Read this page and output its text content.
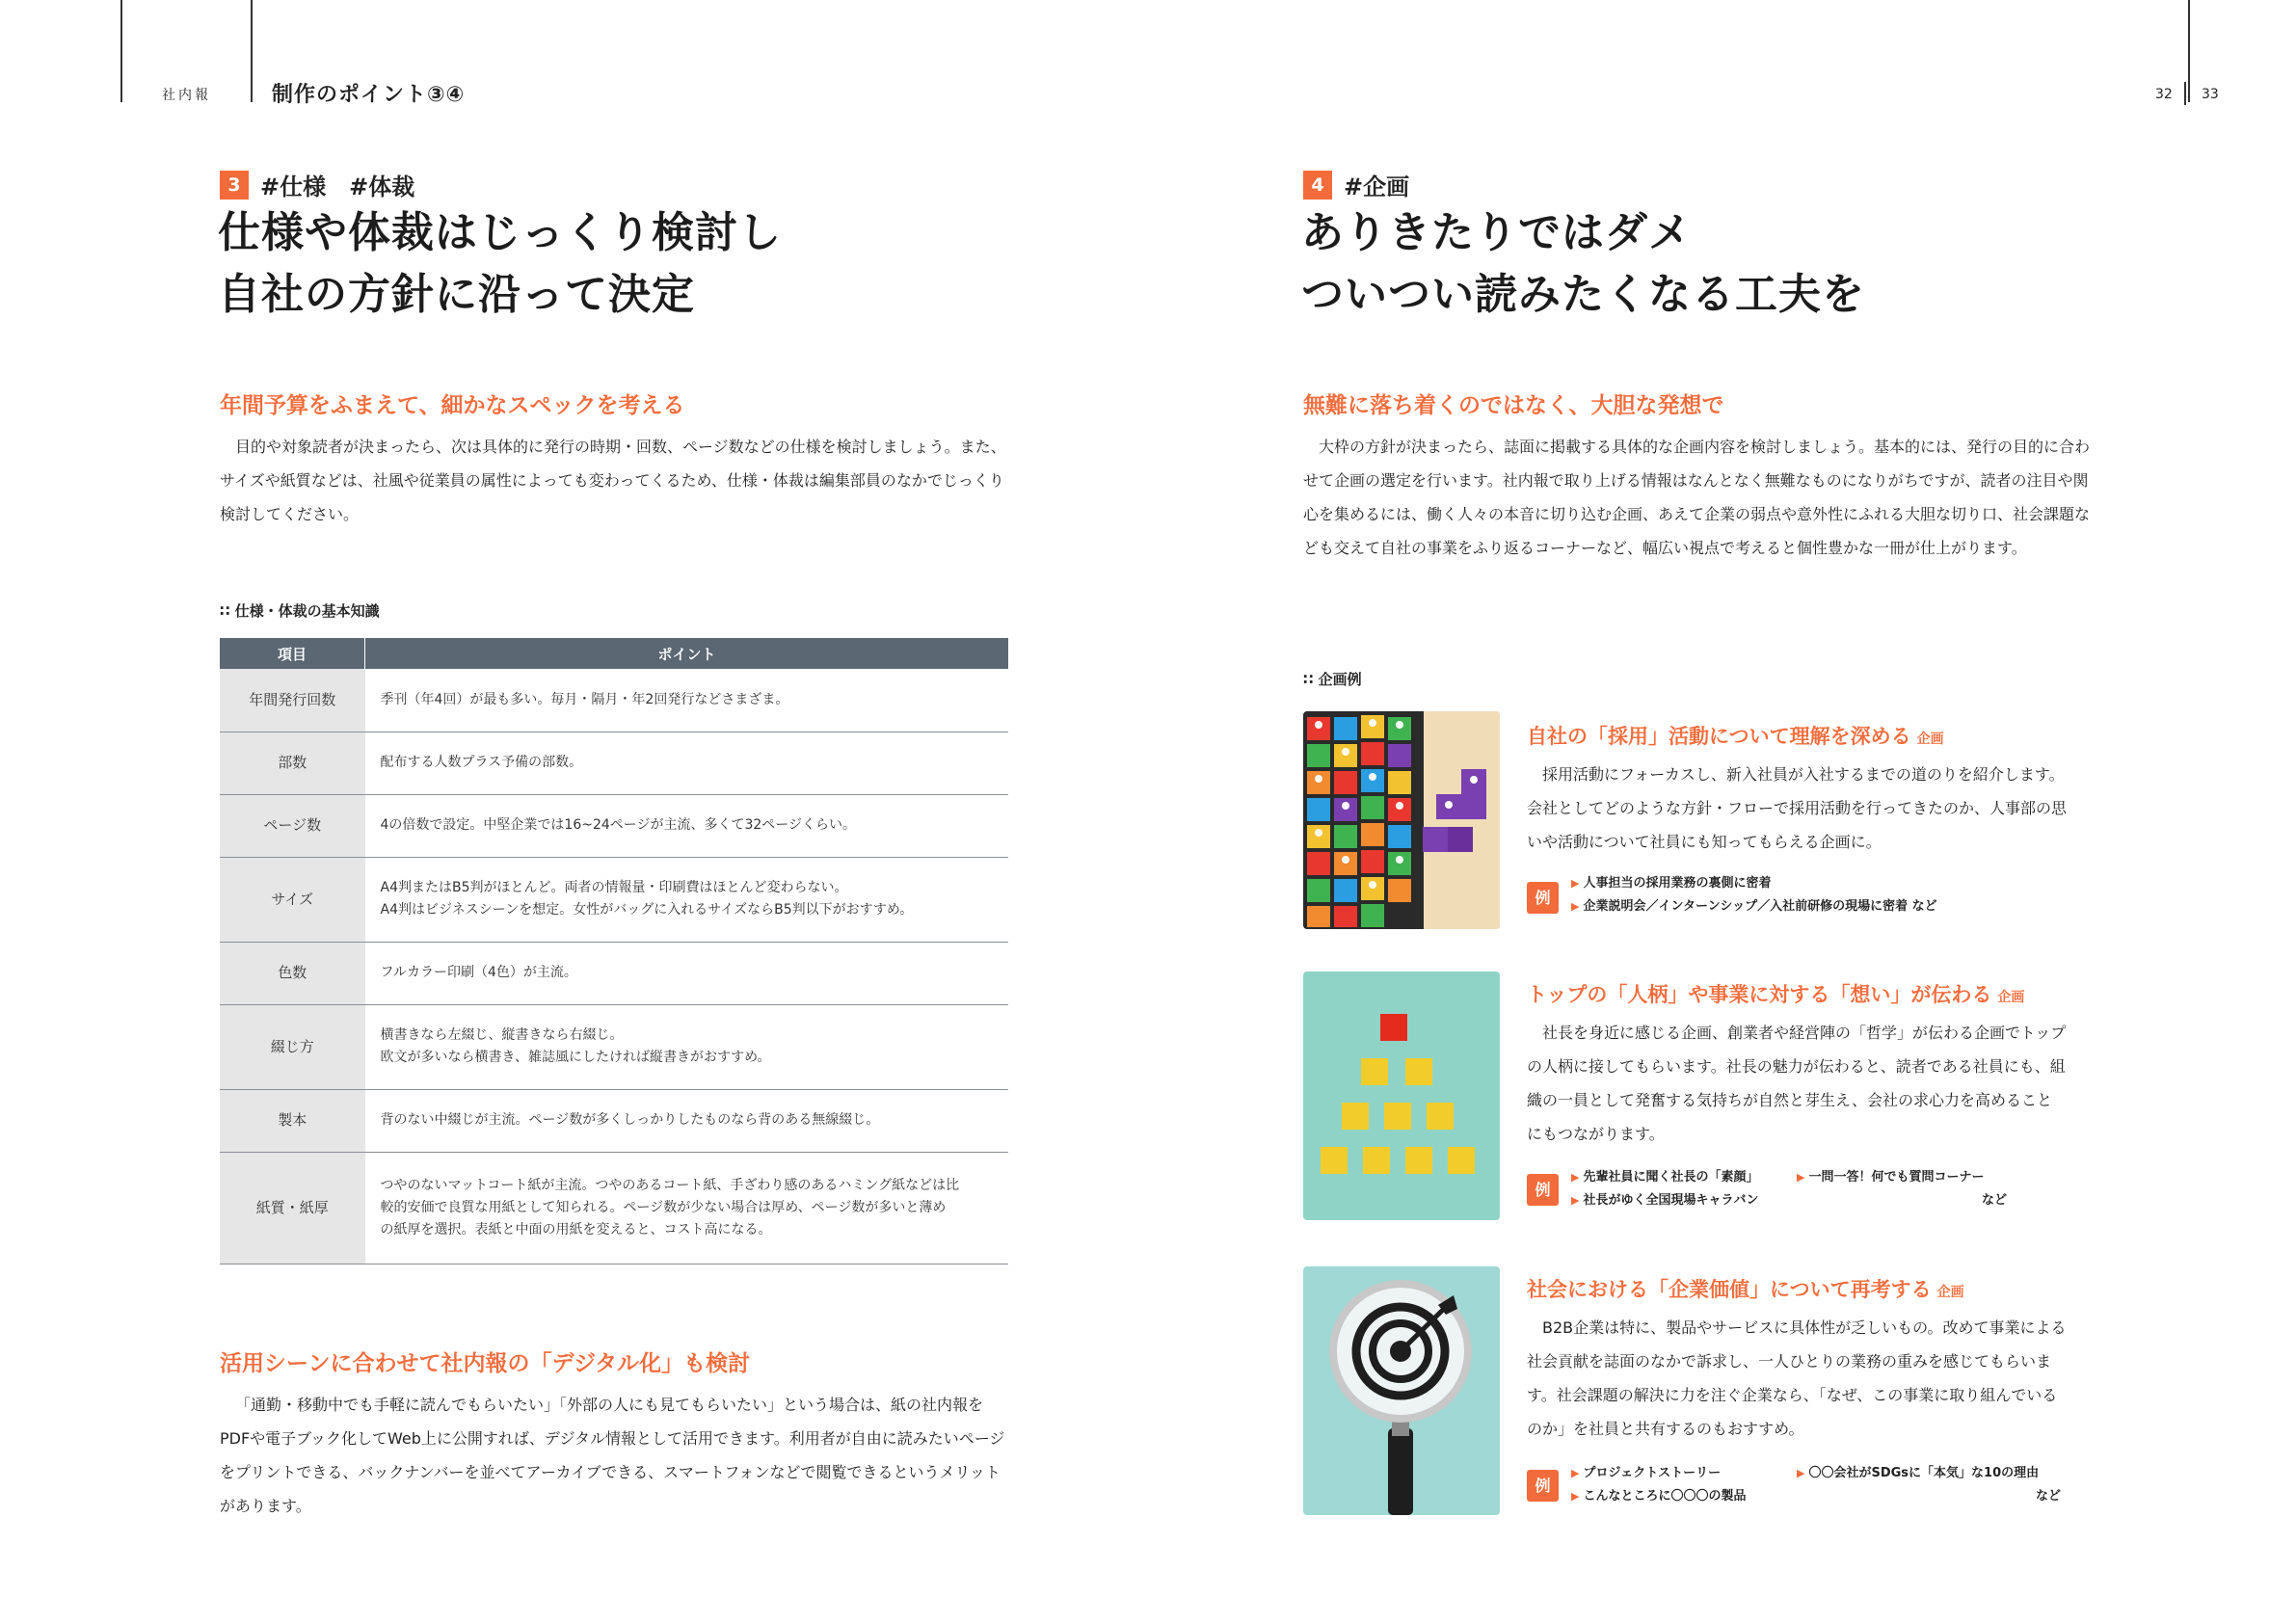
社内報	制作のポイント③④	32 33
3 #仕様　#体裁
仕様や体裁はじっくり検討し
自社の方針に沿って決定
年間予算をふまえて、細かなスペックを考える
目的や対象読者が決まったら、次は具体的に発行の時期・回数、ページ数などの仕様を検討しましょう。また、サイズや紙質などは、社風や従業員の属性によっても変わってくるため、仕様・体裁は編集部員のなかでじっくり検討してください。
∷ 仕様・体裁の基本知識
項目	ポイント
年間発行回数	季刊（年4回）が最も多い。毎月・隔月・年2回発行などさまざま。

部数	配布する人数プラス予備の部数。

ページ数	4の倍数で設定。中堅企業では16~24ページが主流、多くて32ページくらい。

サイズ	A4判またはB5判がほとんど。両者の情報量・印刷費はほとんど変わらない。
A4判はビジネスシーンを想定。女性がバッグに入れるサイズならB5判以下がおすすめ。

色数	フルカラー印刷（4色）が主流。

綴じ方	横書きなら左綴じ、縦書きなら右綴じ。
欧文が多いなら横書き、雑誌風にしたければ縦書きがおすすめ。

製本	背のない中綴じが主流。ページ数が多くしっかりしたものなら背のある無線綴じ。

紙質・紙厚	つやのないマットコート紙が主流。つやのあるコート紙、手ざわり感のあるハミング紙などは比
較的安価で良質な用紙として知られる。ページ数が少ない場合は厚め、ページ数が多いと薄め
の紙厚を選択。表紙と中面の用紙を変えると、コスト高になる。
活用シーンに合わせて社内報の「デジタル化」も検討
「通勤・移動中でも手軽に読んでもらいたい」「外部の人にも見てもらいたい」という場合は、紙の社内報をPDFや電子ブック化してWeb上に公開すれば、デジタル情報として活用できます。利用者が自由に読みたいページをプリントできる、バックナンバーを並べてアーカイブできる、スマートフォンなどで閲覧できるというメリットがあります。
4 #企画
ありきたりではダメ
ついつい読みたくなる工夫を
無難に落ち着くのではなく、大胆な発想で
大枠の方針が決まったら、誌面に掲載する具体的な企画内容を検討しましょう。基本的には、発行の目的に合わせて企画の選定を行います。社内報で取り上げる情報はなんとなく無難なものになりがちですが、読者の注目や関心を集めるには、働く人々の本音に切り込む企画、あえて企業の弱点や意外性にふれる大胆な切り口、社会課題なども交えて自社の事業をふり返るコーナーなど、幅広い視点で考えると個性豊かな一冊が仕上がります。
∷ 企画例
自社の「採用」活動について理解を深める 企画
採用活動にフォーカスし、新入社員が入社するまでの道のりを紹介します。会社としてどのような方針・フローで採用活動を行ってきたのか、人事部の思いや活動について社員にも知ってもらえる企画に。
例
▶ 人事担当の採用業務の裏側に密着
▶ 企業説明会／インターンシップ／入社前研修の現場に密着 など
トップの「人柄」や事業に対する「想い」が伝わる 企画
社長を身近に感じる企画、創業者や経営陣の「哲学」が伝わる企画でトップの人柄に接してもらいます。社長の魅力が伝わると、読者である社員にも、組織の一員として発奮する気持ちが自然と芽生え、会社の求心力を高めることにもつながります。
例
▶ 先輩社員に聞く社長の「素顔」
▶ 社長がゆく全国現場キャラバン
▶ 一問一答！何でも質問コーナー
など
社会における「企業価値」について再考する 企画
B2B企業は特に、製品やサービスに具体性が乏しいもの。改めて事業による社会貢献を誌面のなかで訴求し、一人ひとりの業務の重みを感じてもらいます。社会課題の解決に力を注ぐ企業なら、「なぜ、この事業に取り組んでいるのか」を社員と共有するのもおすすめ。
例
▶ プロジェクトストーリー
▶ こんなところに〇〇〇の製品
▶ 〇〇会社がSDGsに「本気」な10の理由
など
